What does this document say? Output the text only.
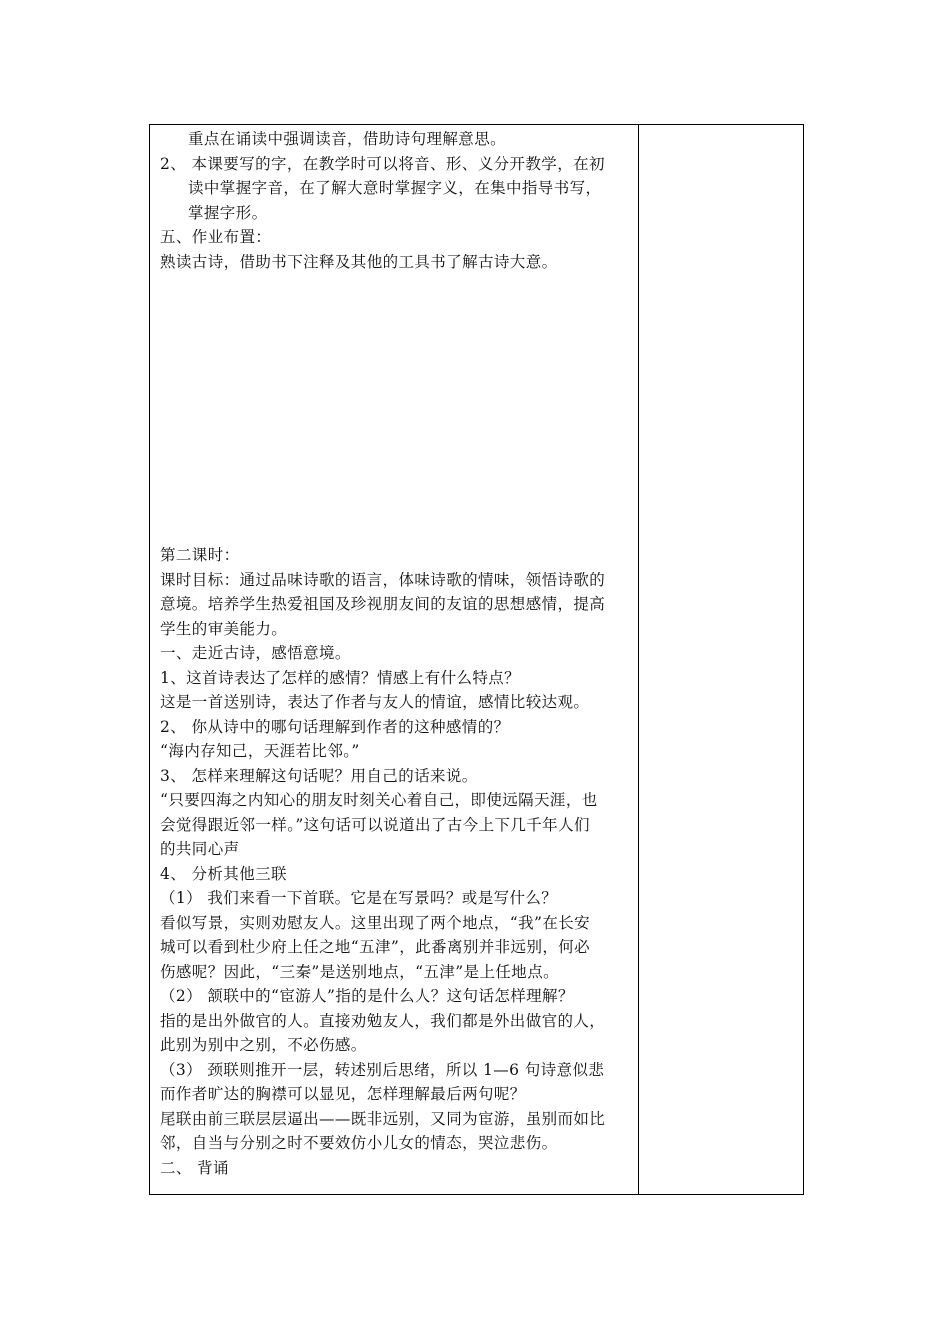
重点在诵读中强调读音，借助诗句理解意思。
2、 本课要写的字，在教学时可以将音、形、义分开教学，在初
读中掌握字音，在了解大意时掌握字义，在集中指导书写，
掌握字形。
五、作业布置：
熟读古诗，借助书下注释及其他的工具书了解古诗大意。
第二课时：
课时目标：通过品味诗歌的语言，体味诗歌的情味，领悟诗歌的
意境。培养学生热爱祖国及珍视朋友间的友谊的思想感情，提高
学生的审美能力。
一、走近古诗，感悟意境。
1、这首诗表达了怎样的感情？情感上有什么特点？
这是一首送别诗，表达了作者与友人的情谊，感情比较达观。
2、 你从诗中的哪句话理解到作者的这种感情的？
“海内存知己，天涯若比邻。”
3、 怎样来理解这句话呢？用自己的话来说。
“只要四海之内知心的朋友时刻关心着自己，即使远隔天涯，也
会觉得跟近邻一样。”这句话可以说道出了古今上下几千年人们
的共同心声
4、 分析其他三联
（1） 我们来看一下首联。它是在写景吗？或是写什么？
看似写景，实则劝慰友人。这里出现了两个地点，“我”在长安
城可以看到杜少府上任之地“五津”，此番离别并非远别，何必
伤感呢？因此，“三秦”是送别地点，“五津”是上任地点。
（2） 颔联中的“宦游人”指的是什么人？这句话怎样理解？
指的是出外做官的人。直接劝勉友人，我们都是外出做官的人，
此别为别中之别，不必伤感。
（3） 颈联则推开一层，转述别后思绪，所以 1—6 句诗意似悲
而作者旷达的胸襟可以显见，怎样理解最后两句呢？
尾联由前三联层层逼出——既非远别，又同为宦游，虽别而如比
邻，自当与分别之时不要效仿小儿女的情态，哭泣悲伤。
二、 背诵
